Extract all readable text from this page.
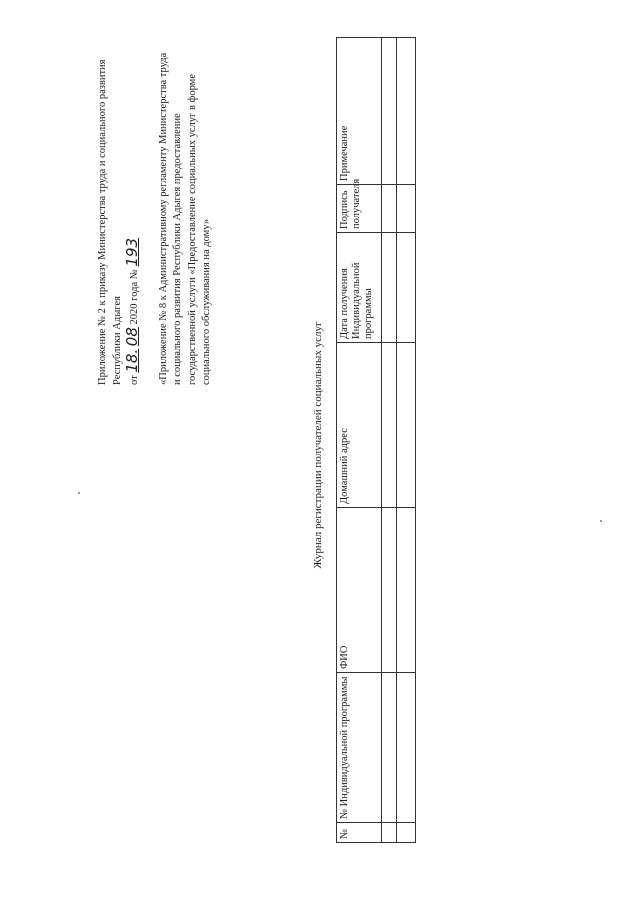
Приложение № 2 к приказу Министерства труда и социального развития Республики Адыгея от 18. 08 2020 года № 193 «Приложение № 8 к Административному регламенту Министерства труда и социального развития Республики Адыгея предоставление государственной услуги «Предоставление социальных услуг в форме социального обслуживания на дому»

Журнал регистрации получателей социальных услуг
№	№ Индивидуальной программы	ФИО	Домашний адрес	Дата получения Индивидуальной программы	Подпись получателя	Примечание
